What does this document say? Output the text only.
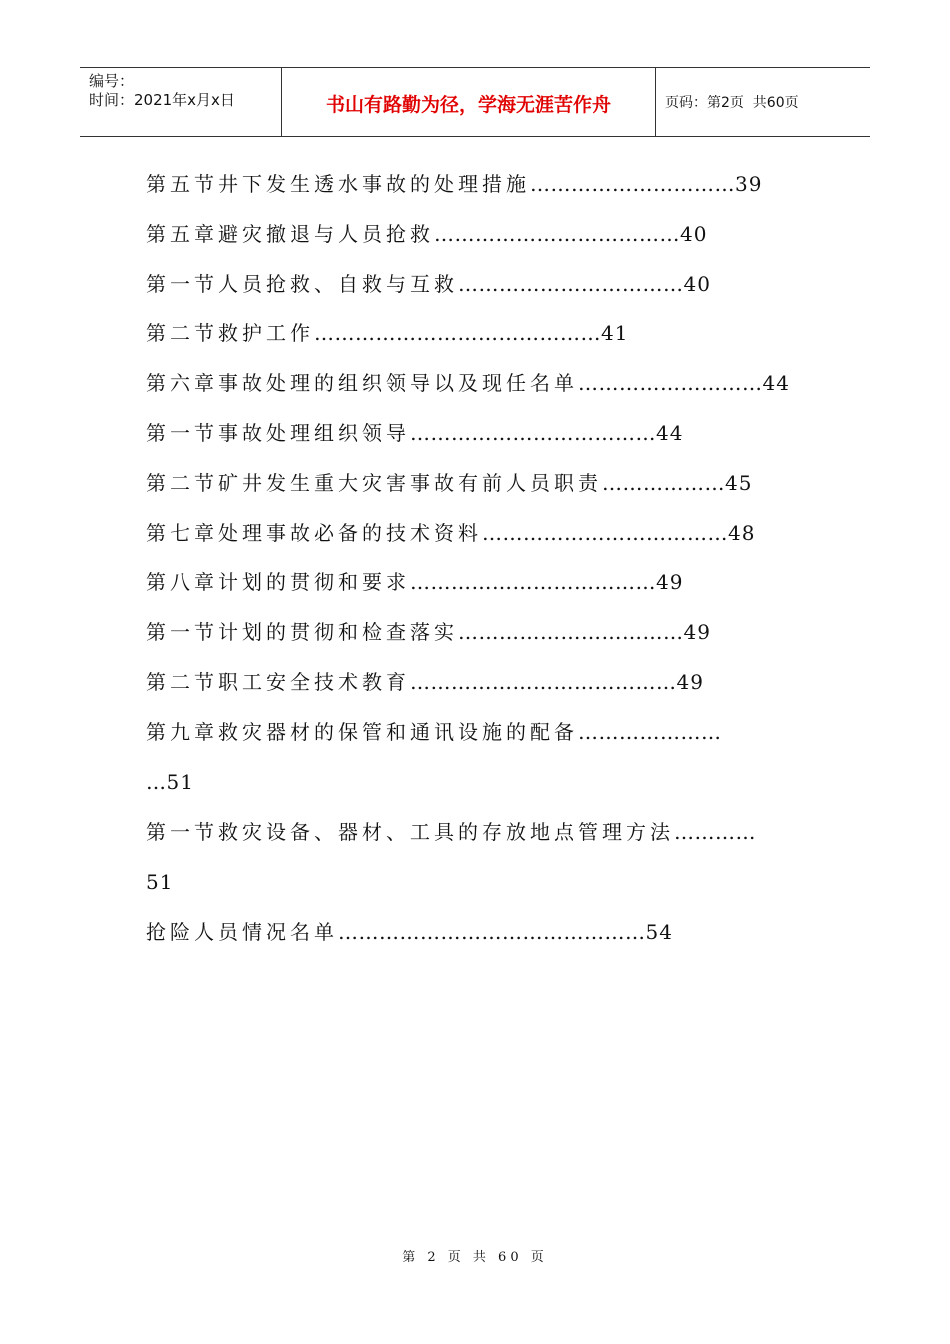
编号：
时间：2021年x月x日	书山有路勤为径，学海无涯苦作舟	页码：第2页  共60页
第五节井下发生透水事故的处理措施…………………………39
第五章避灾撤退与人员抢救………………………………40
第一节人员抢救、自救与互救……………………………40
第二节救护工作……………………………………41
第六章事故处理的组织领导以及现任名单………………………44
第一节事故处理组织领导………………………………44
第二节矿井发生重大灾害事故有前人员职责………………45
第七章处理事故必备的技术资料………………………………48
第八章计划的贯彻和要求………………………………49
第一节计划的贯彻和检查落实……………………………49
第二节职工安全技术教育…………………………………49
第九章救灾器材的保管和通讯设施的配备…………………
…51
第一节救灾设备、器材、工具的存放地点管理方法…………
51
抢险人员情况名单………………………………………54
第 2 页 共 60 页
